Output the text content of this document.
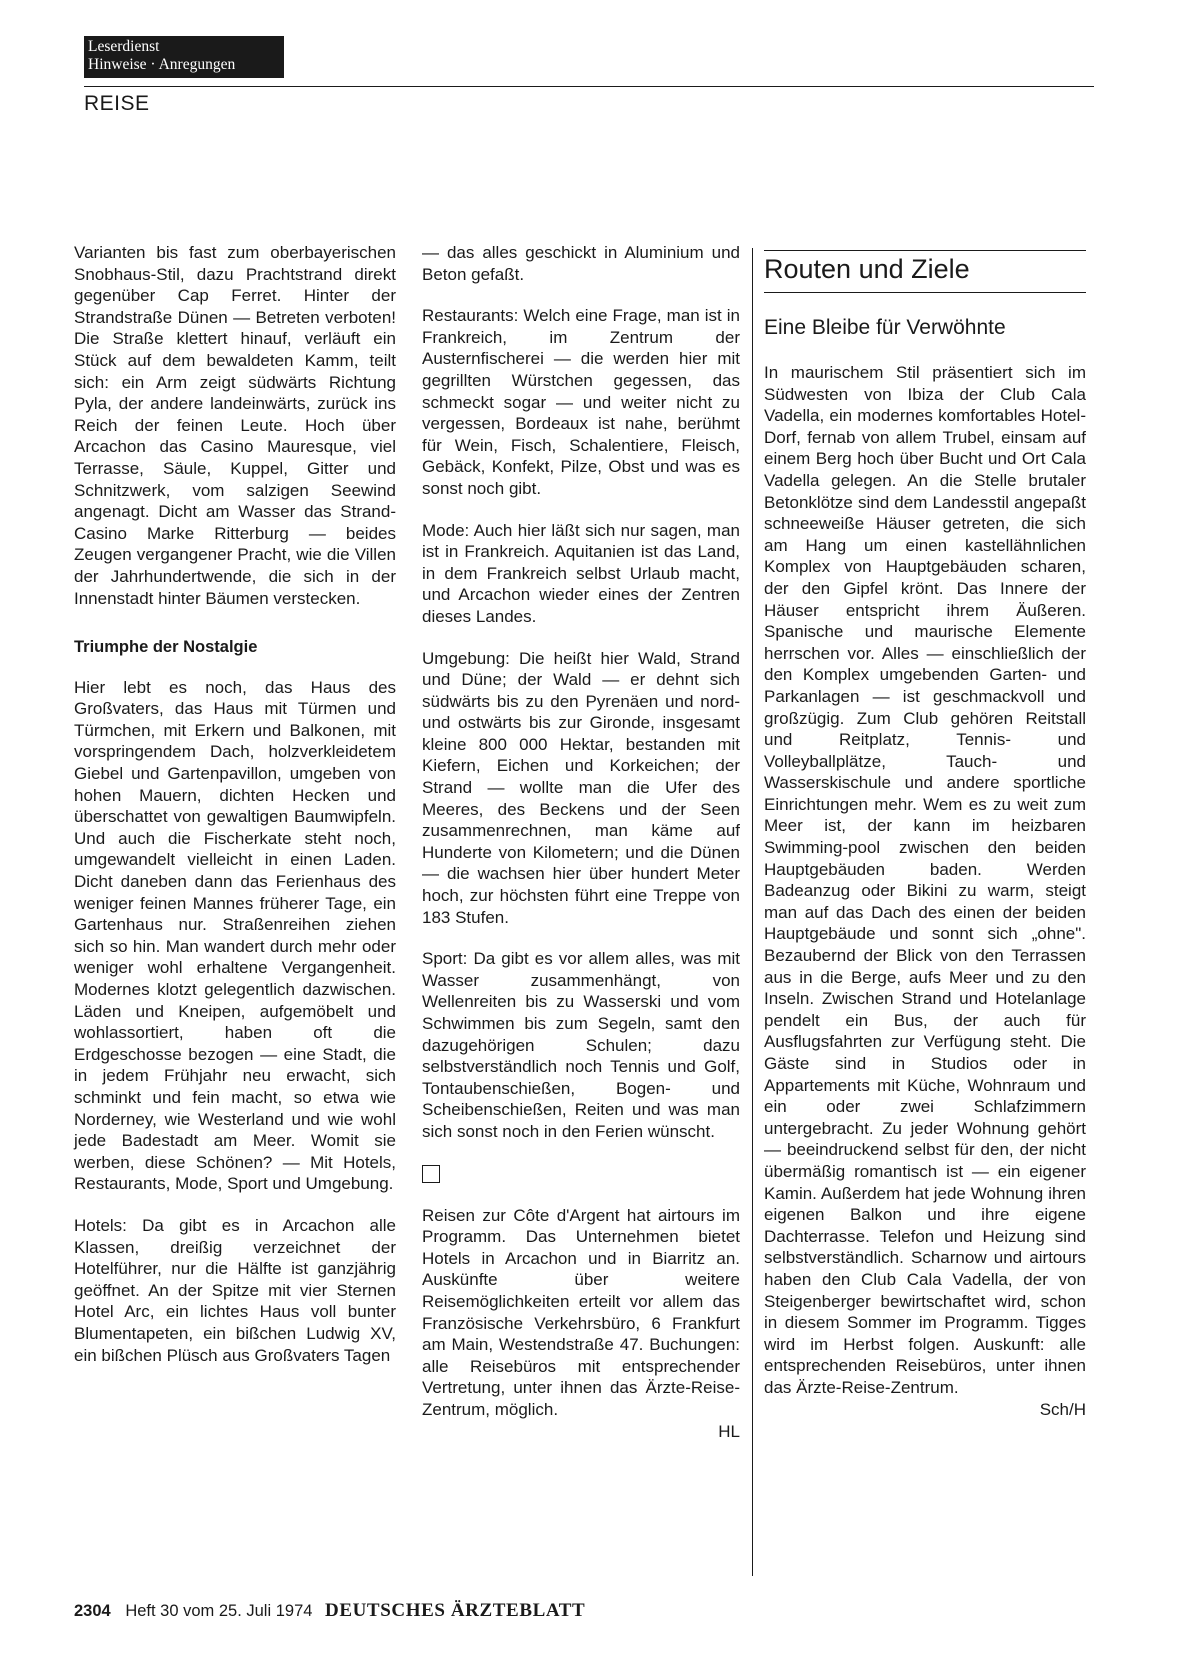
Leserdienst
Hinweise · Anregungen
REISE

Varianten bis fast zum oberbayerischen Snobhaus-Stil, dazu Prachtstrand direkt gegenüber Cap Ferret. Hinter der Strandstraße Dünen — Betreten verboten! Die Straße klettert hinauf, verläuft ein Stück auf dem bewaldeten Kamm, teilt sich: ein Arm zeigt südwärts Richtung Pyla, der andere landeinwärts, zurück ins Reich der feinen Leute. Hoch über Arcachon das Casino Mauresque, viel Terrasse, Säule, Kuppel, Gitter und Schnitzwerk, vom salzigen Seewind angenagt. Dicht am Wasser das Strand-Casino Marke Ritterburg — beides Zeugen vergangener Pracht, wie die Villen der Jahrhundertwende, die sich in der Innenstadt hinter Bäumen verstecken.

Triumphe der Nostalgie

Hier lebt es noch, das Haus des Großvaters, das Haus mit Türmen und Türmchen, mit Erkern und Balkonen, mit vorspringendem Dach, holzverkleidetem Giebel und Gartenpavillon, umgeben von hohen Mauern, dichten Hecken und überschattet von gewaltigen Baumwipfeln. Und auch die Fischerkate steht noch, umgewandelt vielleicht in einen Laden. Dicht daneben dann das Ferienhaus des weniger feinen Mannes früherer Tage, ein Gartenhaus nur. Straßenreihen ziehen sich so hin. Man wandert durch mehr oder weniger wohl erhaltene Vergangenheit. Modernes klotzt gelegentlich dazwischen. Läden und Kneipen, aufgemöbelt und wohlassortiert, haben oft die Erdgeschosse bezogen — eine Stadt, die in jedem Frühjahr neu erwacht, sich schminkt und fein macht, so etwa wie Norderney, wie Westerland und wie wohl jede Badestadt am Meer. Womit sie werben, diese Schönen? — Mit Hotels, Restaurants, Mode, Sport und Umgebung.

Hotels: Da gibt es in Arcachon alle Klassen, dreißig verzeichnet der Hotelführer, nur die Hälfte ist ganzjährig geöffnet. An der Spitze mit vier Sternen Hotel Arc, ein lichtes Haus voll bunter Blumentapeten, ein bißchen Ludwig XV, ein bißchen Plüsch aus Großvaters Tagen

— das alles geschickt in Aluminium und Beton gefaßt.

Restaurants: Welch eine Frage, man ist in Frankreich, im Zentrum der Austernfischerei — die werden hier mit gegrillten Würstchen gegessen, das schmeckt sogar — und weiter nicht zu vergessen, Bordeaux ist nahe, berühmt für Wein, Fisch, Schalentiere, Fleisch, Gebäck, Konfekt, Pilze, Obst und was es sonst noch gibt.

Mode: Auch hier läßt sich nur sagen, man ist in Frankreich. Aquitanien ist das Land, in dem Frankreich selbst Urlaub macht, und Arcachon wieder eines der Zentren dieses Landes.

Umgebung: Die heißt hier Wald, Strand und Düne; der Wald — er dehnt sich südwärts bis zu den Pyrenäen und nord- und ostwärts bis zur Gironde, insgesamt kleine 800 000 Hektar, bestanden mit Kiefern, Eichen und Korkeichen; der Strand — wollte man die Ufer des Meeres, des Beckens und der Seen zusammenrechnen, man käme auf Hunderte von Kilometern; und die Dünen — die wachsen hier über hundert Meter hoch, zur höchsten führt eine Treppe von 183 Stufen.

Sport: Da gibt es vor allem alles, was mit Wasser zusammenhängt, von Wellenreiten bis zu Wasserski und vom Schwimmen bis zum Segeln, samt den dazugehörigen Schulen; dazu selbstverständlich noch Tennis und Golf, Tontaubenschießen, Bogen- und Scheibenschießen, Reiten und was man sich sonst noch in den Ferien wünscht.

Reisen zur Côte d'Argent hat airtours im Programm. Das Unternehmen bietet Hotels in Arcachon und in Biarritz an. Auskünfte über weitere Reisemöglichkeiten erteilt vor allem das Französische Verkehrsbüro, 6 Frankfurt am Main, Westendstraße 47. Buchungen: alle Reisebüros mit entsprechender Vertretung, unter ihnen das Ärzte-Reise-Zentrum, möglich.

HL
Routen und Ziele
Eine Bleibe für Verwöhnte

In maurischem Stil präsentiert sich im Südwesten von Ibiza der Club Cala Vadella, ein modernes komfortables Hotel-Dorf, fernab von allem Trubel, einsam auf einem Berg hoch über Bucht und Ort Cala Vadella gelegen. An die Stelle brutaler Betonklötze sind dem Landesstil angepaßt schneeweiße Häuser getreten, die sich am Hang um einen kastellähnlichen Komplex von Hauptgebäuden scharen, der den Gipfel krönt. Das Innere der Häuser entspricht ihrem Äußeren. Spanische und maurische Elemente herrschen vor. Alles — einschließlich der den Komplex umgebenden Garten- und Parkanlagen — ist geschmackvoll und großzügig. Zum Club gehören Reitstall und Reitplatz, Tennis- und Volleyballplätze, Tauch- und Wasserskischule und andere sportliche Einrichtungen mehr. Wem es zu weit zum Meer ist, der kann im heizbaren Swimming-pool zwischen den beiden Hauptgebäuden baden. Werden Badeanzug oder Bikini zu warm, steigt man auf das Dach des einen der beiden Hauptgebäude und sonnt sich „ohne". Bezaubernd der Blick von den Terrassen aus in die Berge, aufs Meer und zu den Inseln. Zwischen Strand und Hotelanlage pendelt ein Bus, der auch für Ausflugsfahrten zur Verfügung steht. Die Gäste sind in Studios oder in Appartements mit Küche, Wohnraum und ein oder zwei Schlafzimmern untergebracht. Zu jeder Wohnung gehört — beeindruckend selbst für den, der nicht übermäßig romantisch ist — ein eigener Kamin. Außerdem hat jede Wohnung ihren eigenen Balkon und ihre eigene Dachterrasse. Telefon und Heizung sind selbstverständlich. Scharnow und airtours haben den Club Cala Vadella, der von Steigenberger bewirtschaftet wird, schon in diesem Sommer im Programm. Tigges wird im Herbst folgen. Auskunft: alle entsprechenden Reisebüros, unter ihnen das Ärzte-Reise-Zentrum.

Sch/H
2304 Heft 30 vom 25. Juli 1974 DEUTSCHES ÄRZTEBLATT
